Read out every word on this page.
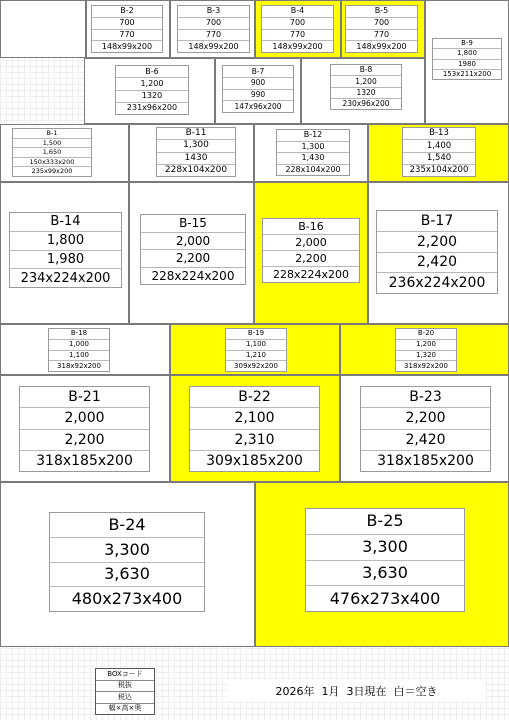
B-2
700
770
148x99x200
B-3
700
770
148x99x200
B-4
700
770
148x99x200
B-5
700
770
148x99x200	B-9
1,800
1980
153x211x200
B-6
1,200
1320
231x96x200
B-7
900
990
147x96x200
B-8
1,200
1320
230x96x200
B-1
1,500
1,650
150x333x200
235x99x200
B-11
1,300
1430
228x104x200
B-12
1,300
1,430
228x104x200
B-13
1,400
1,540
235x104x200
B-14
1,800
1,980
234x224x200
B-15
2,000
2,200
228x224x200
B-16
2,000
2,200
228x224x200
B-17
2,200
2,420
236x224x200
B-18
1,000
1,100
318x92x200
B-19
1,100
1,210
309x92x200
B-20
1,200
1,320
318x92x200
B-21
2,000
2,200
318x185x200
B-22
2,100
2,310
309x185x200
B-23
2,200
2,420
318x185x200
B-24
3,300
3,630
480x273x400
B-25
3,300
3,630
476x273x400
BOXコード
税抜
税込
幅×高×奥
2026年  1月  3日現在  白＝空き
